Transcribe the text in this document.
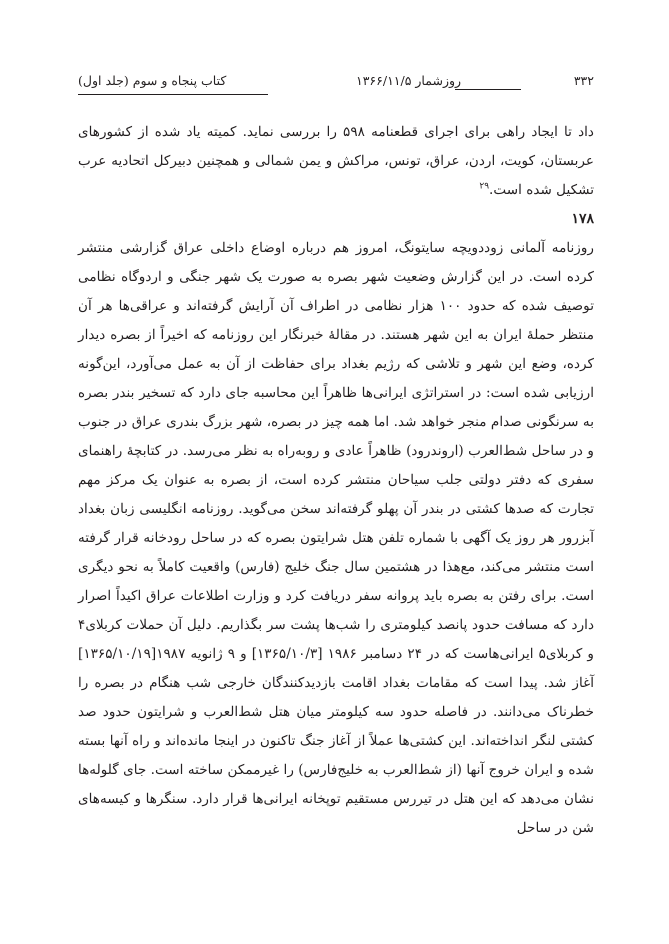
۳۳۲
روزشمار ۱۳۶۶/۱۱/۵
کتاب پنجاه و سوم (جلد اول)

داد تا ایجاد راهی برای اجرای قطعنامه ۵۹۸ را بررسی نماید. کمیته یاد شده از کشورهای عربستان، کویت، اردن، عراق، تونس، مراکش و یمن شمالی و همچنین دبیرکل اتحادیه عرب تشکیل شده است.$^{۲۹}$

۱۷۸

روزنامه آلمانی زوددویچه سایتونگ، امروز هم درباره اوضاع داخلی عراق گزارشی منتشر کرده است. در این گزارش وضعیت شهر بصره به صورت یک شهر جنگی و اردوگاه نظامی توصیف شده که حدود ۱۰۰ هزار نظامی در اطراف آن آرایش گرفته‌اند و عراقی‌ها هر آن منتظر حملهٔ ایران به این شهر هستند. در مقالهٔ خبرنگار این روزنامه که اخیراً از بصره دیدار کرده، وضع این شهر و تلاشی که رژیم بغداد برای حفاظت از آن به عمل می‌آورد، این‌گونه ارزیابی شده است: در استراتژی ایرانی‌ها ظاهراً این محاسبه جای دارد که تسخیر بندر بصره به سرنگونی صدام منجر خواهد شد. اما همه چیز در بصره، شهر بزرگ بندری عراق در جنوب و در ساحل شط‌العرب (اروندرود) ظاهراً عادی و روبه‌راه به نظر می‌رسد. در کتابچهٔ راهنمای سفری که دفتر دولتی جلب سیاحان منتشر کرده است، از بصره به عنوان یک مرکز مهم تجارت که صدها کشتی در بندر آن پهلو گرفته‌اند سخن می‌گوید. روزنامه انگلیسی زبان بغداد آبزرور هر روز یک آگهی با شماره تلفن هتل شرایتون بصره که در ساحل رودخانه قرار گرفته است منتشر می‌کند، مع‌هذا در هشتمین سال جنگ خلیج (فارس) واقعیت کاملاً به نحو دیگری است. برای رفتن به بصره باید پروانه سفر دریافت کرد و وزارت اطلاعات عراق اکیداً اصرار دارد که مسافت حدود پانصد کیلومتری را شب‌ها پشت سر بگذاریم. دلیل آن حملات کربلای۴ و کربلای۵ ایرانی‌هاست که در ۲۴ دسامبر ۱۹۸۶ [۱۳۶۵/۱۰/۳] و ۹ ژانویه ۱۹۸۷[۱۳۶۵/۱۰/۱۹] آغاز شد. پیدا است که مقامات بغداد اقامت بازدیدکنندگان خارجی شب هنگام در بصره را خطرناک می‌دانند. در فاصله حدود سه کیلومتر میان هتل شط‌العرب و شرایتون حدود صد کشتی لنگر انداخته‌اند. این کشتی‌ها عملاً از آغاز جنگ تاکنون در اینجا مانده‌اند و راه آنها بسته شده و ایران خروج آنها (از شط‌العرب به خلیج‌فارس) را غیرممکن ساخته است. جای گلوله‌ها نشان می‌دهد که این هتل در تیررس مستقیم توپخانه ایرانی‌ها قرار دارد. سنگرها و کیسه‌های شن در ساحل
